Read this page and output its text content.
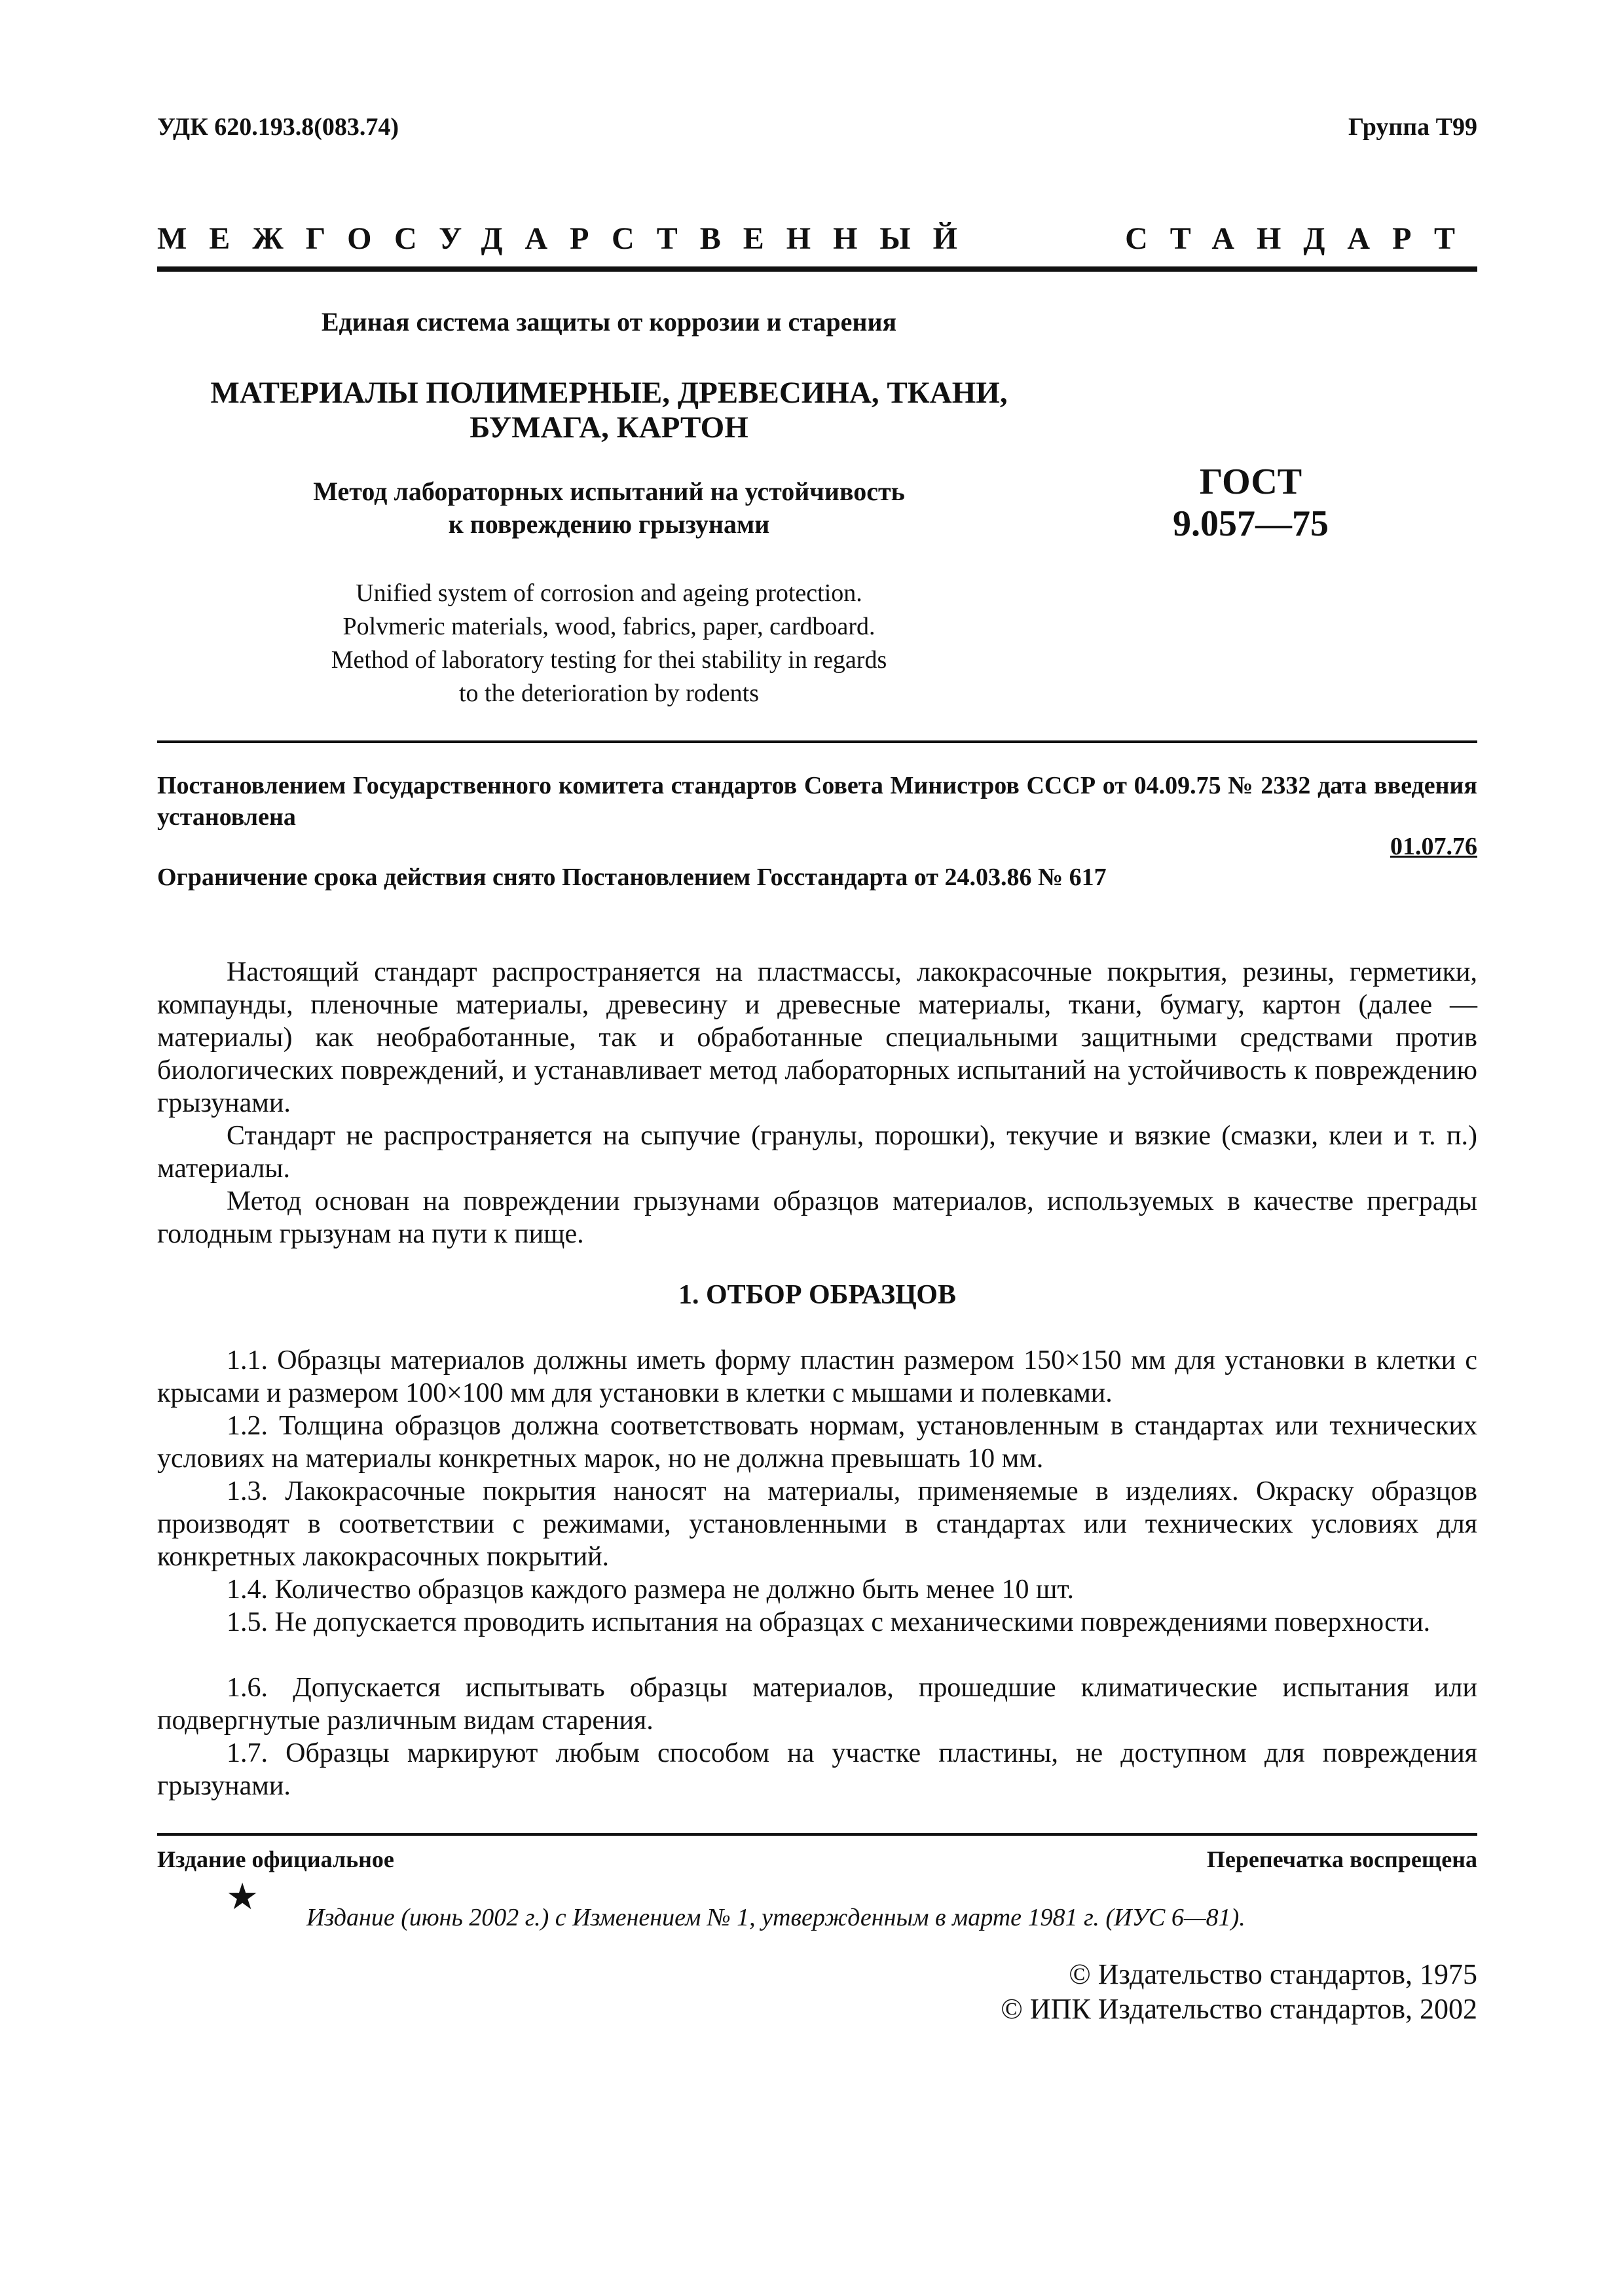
УДК 620.193.8(083.74)	Группа Т99
МЕЖГОСУДАРСТВЕННЫЙ СТАНДАРТ
Единая система защиты от коррозии и старения
МАТЕРИАЛЫ ПОЛИМЕРНЫЕ, ДРЕВЕСИНА, ТКАНИ,
БУМАГА, КАРТОН
Метод лабораторных испытаний на устойчивость
к повреждению грызунами
ГОСТ
9.057—75
Unified system of corrosion and ageing protection.
Polvmeric materials, wood, fabrics, paper, cardboard.
Method of laboratory testing for thei stability in regards
to the deterioration by rodents

Постановлением Государственного комитета стандартов Совета Министров СССР от 04.09.75 № 2332 дата введения установлена

01.07.76
Ограничение срока действия снято Постановлением Госстандарта от 24.03.86 № 617

Настоящий стандарт распространяется на пластмассы, лакокрасочные покрытия, резины, герметики, компаунды, пленочные материалы, древесину и древесные материалы, ткани, бумагу, картон (далее — материалы) как необработанные, так и обработанные специальными защитными средствами против биологических повреждений, и устанавливает метод лабораторных испытаний на устойчивость к повреждению грызунами.

Стандарт не распространяется на сыпучие (гранулы, порошки), текучие и вязкие (смазки, клеи и т. п.) материалы.

Метод основан на повреждении грызунами образцов материалов, используемых в качестве преграды голодным грызунам на пути к пище.

1. ОТБОР ОБРАЗЦОВ

1.1. Образцы материалов должны иметь форму пластин размером 150×150 мм для установки в клетки с крысами и размером 100×100 мм для установки в клетки с мышами и полевками.

1.2. Толщина образцов должна соответствовать нормам, установленным в стандартах или технических условиях на материалы конкретных марок, но не должна превышать 10 мм.

1.3. Лакокрасочные покрытия наносят на материалы, применяемые в изделиях. Окраску образцов производят в соответствии с режимами, установленными в стандартах или технических условиях для конкретных лакокрасочных покрытий.

1.4. Количество образцов каждого размера не должно быть менее 10 шт.

1.5. Не допускается проводить испытания на образцах с механическими повреждениями поверхности.

1.6. Допускается испытывать образцы материалов, прошедшие климатические испытания или подвергнутые различным видам старения.

1.7. Образцы маркируют любым способом на участке пластины, не доступном для повреждения грызунами.

Издание официальное	Перепечатка воспрещена
★ Издание (июнь 2002 г.) с Изменением № 1, утвержденным в марте 1981 г. (ИУС 6—81).
© Издательство стандартов, 1975
© ИПК Издательство стандартов, 2002
